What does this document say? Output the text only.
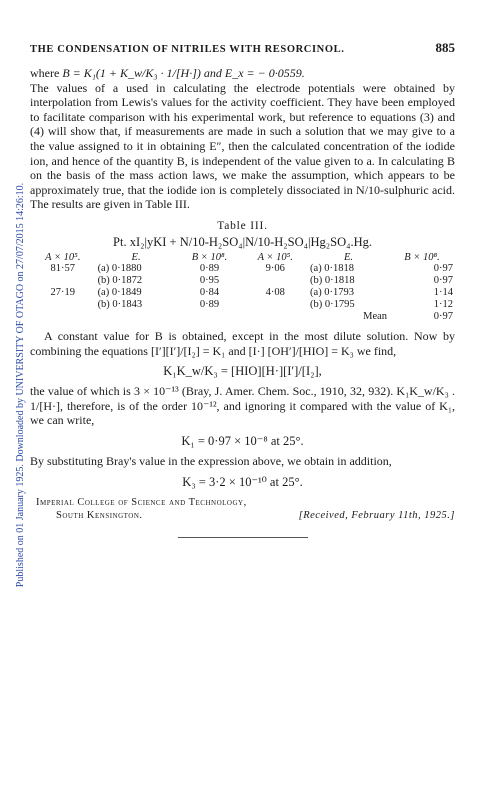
Published on 01 January 1925. Downloaded by UNIVERSITY OF OTAGO on 27/07/2015 14:26:10.
THE CONDENSATION OF NITRILES WITH RESORCINOL.	885

where B = K₁(1 + K_w/K₃ · 1/[H·]) and E_x = − 0·0559.

The values of a used in calculating the electrode potentials were obtained by interpolation from Lewis's values for the activity coefficient. They have been employed to facilitate comparison with his experimental work, but reference to equations (3) and (4) will show that, if measurements are made in such a solution that we may give to a the value assigned to it in obtaining E″, then the calculated concentration of the iodide ion, and hence of the quantity B, is independent of the value given to a. In calculating B on the basis of the mass action laws, we make the assumption, which appears to be approximately true, that the iodide ion is completely dissociated in N/10-sulphuric acid. The results are given in Table III.

Table III.
Pt. xI₂|yKI + N/10-H₂SO₄|N/10-H₂SO₄|Hg₂SO₄.Hg.
A × 10⁵.	E.	B × 10⁸.	A × 10⁵.	E.	B × 10⁸.
81·57	(a) 0·1880	0·89	9·06	(a) 0·1818	0·97
	(b) 0·1872	0·95		(b) 0·1818	0·97
27·19	(a) 0·1849	0·84	4·08	(a) 0·1793	1·14
	(b) 0·1843	0·89		(b) 0·1795	1·12
				Mean	0·97

A constant value for B is obtained, except in the most dilute solution. Now by combining the equations [I′][I′]/[I₂] = K₁ and [I·] [OH′]/[HIO] = K₃ we find,

K₁K_w/K₃ = [HIO][H·][I′]/[I₂],

the value of which is 3 × 10⁻¹³ (Bray, J. Amer. Chem. Soc., 1910, 32, 932). K₁K_w/K₃ . 1/[H·], therefore, is of the order 10⁻¹², and ignoring it compared with the value of K₁, we can write,

K₁ = 0·97 × 10⁻⁸ at 25°.

By substituting Bray's value in the expression above, we obtain in addition,

K₃ = 3·2 × 10⁻¹⁰ at 25°.
Imperial College of Science and Technology,
South Kensington.	[Received, February 11th, 1925.]
